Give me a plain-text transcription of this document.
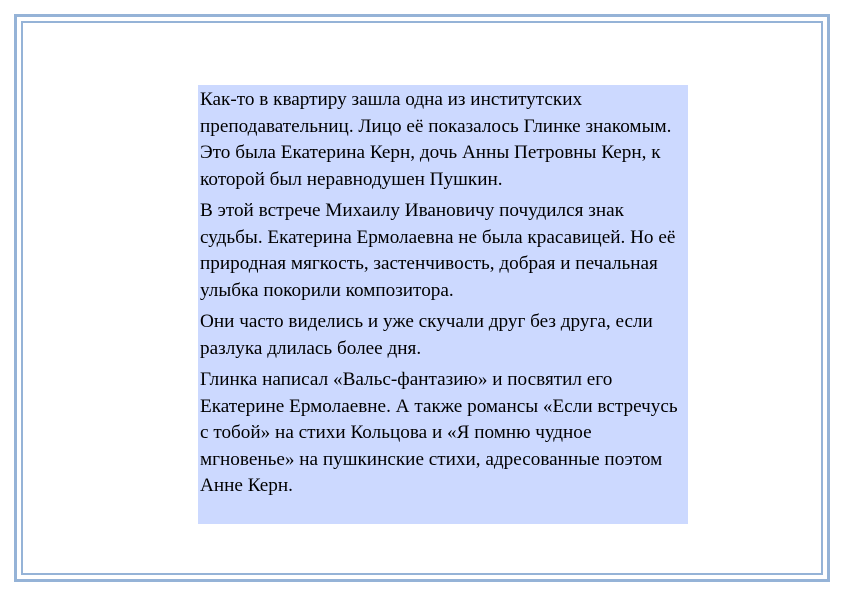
Как-то в квартиру зашла одна из институтских преподавательниц. Лицо её показалось Глинке знакомым. Это была Екатерина Керн, дочь Анны Петровны Керн, к которой был неравнодушен Пушкин.

В этой встрече Михаилу Ивановичу почудился знак судьбы. Екатерина Ермолаевна не была красавицей. Но её природная мягкость, застенчивость, добрая и печальная улыбка покорили композитора.

Они часто виделись и уже скучали друг без друга, если разлука длилась более дня.

Глинка написал «Вальс-фантазию» и посвятил его Екатерине Ермолаевне. А также романсы «Если встречусь с тобой» на стихи Кольцова и «Я помню чудное мгновенье» на пушкинские стихи, адресованные поэтом Анне Керн.
